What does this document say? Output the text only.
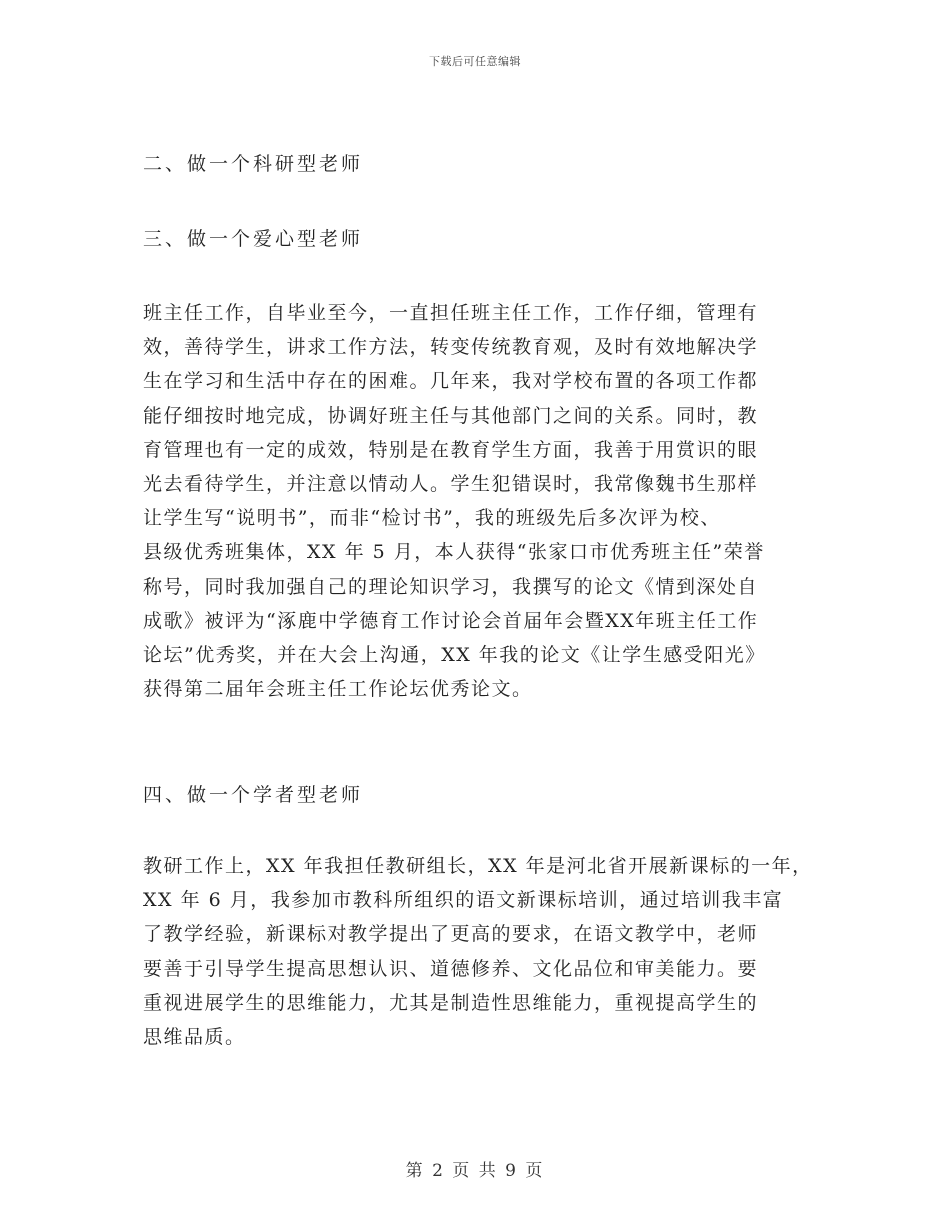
下载后可任意编辑
二、做一个科研型老师
三、做一个爱心型老师
班主任工作，自毕业至今，一直担任班主任工作，工作仔细，管理有
效，善待学生，讲求工作方法，转变传统教育观，及时有效地解决学
生在学习和生活中存在的困难。几年来，我对学校布置的各项工作都
能仔细按时地完成，协调好班主任与其他部门之间的关系。同时，教
育管理也有一定的成效，特别是在教育学生方面，我善于用赏识的眼
光去看待学生，并注意以情动人。学生犯错误时，我常像魏书生那样
让学生写“说明书”，而非“检讨书”，我的班级先后多次评为校、
县级优秀班集体，XX 年 5 月，本人获得“张家口市优秀班主任”荣誉
称号，同时我加强自己的理论知识学习，我撰写的论文《情到深处自
成歌》被评为“涿鹿中学德育工作讨论会首届年会暨XX年班主任工作
论坛”优秀奖，并在大会上沟通，XX 年我的论文《让学生感受阳光》
获得第二届年会班主任工作论坛优秀论文。
四、做一个学者型老师
教研工作上，XX 年我担任教研组长，XX 年是河北省开展新课标的一年，
XX 年 6 月，我参加市教科所组织的语文新课标培训，通过培训我丰富
了教学经验，新课标对教学提出了更高的要求，在语文教学中，老师
要善于引导学生提高思想认识、道德修养、文化品位和审美能力。要
重视进展学生的思维能力，尤其是制造性思维能力，重视提高学生的
思维品质。
第 2 页 共 9 页
